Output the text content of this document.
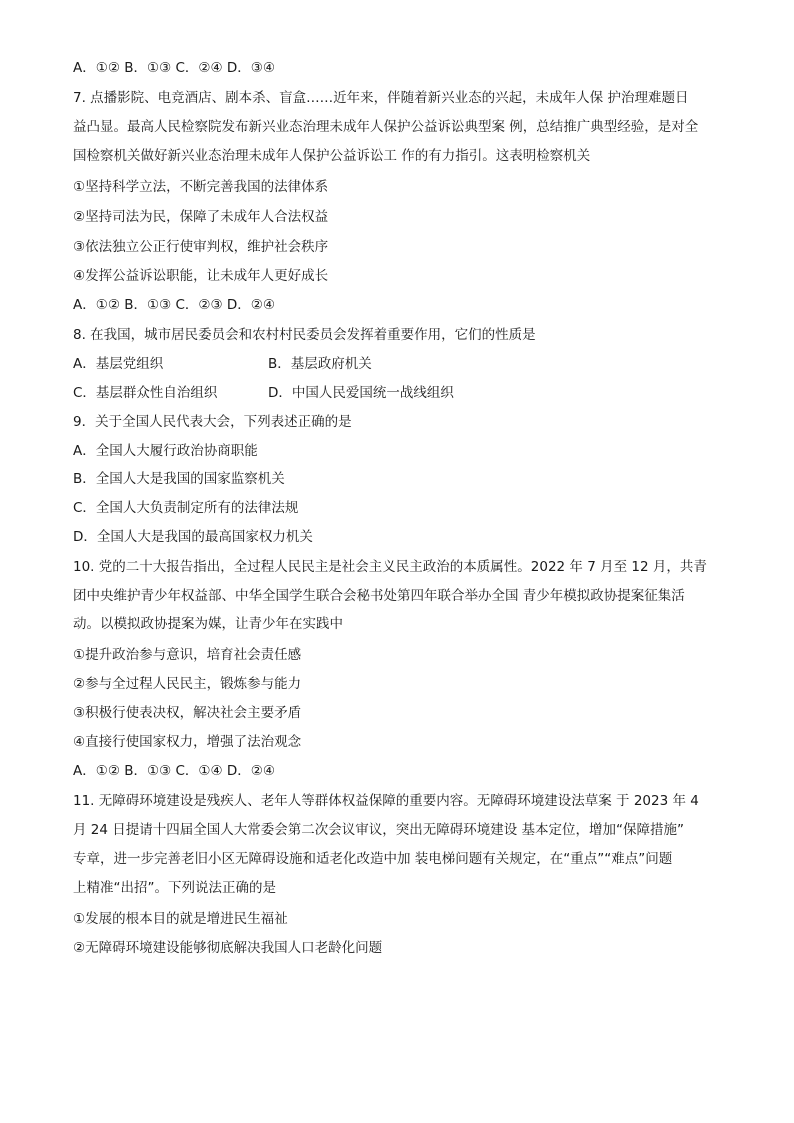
A．①② B．①③ C．②④ D．③④
7. 点播影院、电竞酒店、剧本杀、盲盒……近年来，伴随着新兴业态的兴起，未成年人保 护治理难题日
益凸显。最高人民检察院发布新兴业态治理未成年人保护公益诉讼典型案 例，总结推广典型经验，是对全
国检察机关做好新兴业态治理未成年人保护公益诉讼工 作的有力指引。这表明检察机关
①坚持科学立法，不断完善我国的法律体系
②坚持司法为民，保障了未成年人合法权益
③依法独立公正行使审判权，维护社会秩序
④发挥公益诉讼职能，让未成年人更好成长
A．①② B．①③ C．②③ D．②④
8. 在我国，城市居民委员会和农村村民委员会发挥着重要作用，它们的性质是
A．基层党组织	B．基层政府机关
C．基层群众性自治组织	D．中国人民爱国统一战线组织
9．关于全国人民代表大会，下列表述正确的是
A．全国人大履行政治协商职能
B．全国人大是我国的国家监察机关
C．全国人大负责制定所有的法律法规
D．全国人大是我国的最高国家权力机关
10. 党的二十大报告指出，全过程人民民主是社会主义民主政治的本质属性。2022 年 7 月至 12 月，共青
团中央维护青少年权益部、中华全国学生联合会秘书处第四年联合举办全国 青少年模拟政协提案征集活
动。以模拟政协提案为媒，让青少年在实践中
①提升政治参与意识，培育社会责任感
②参与全过程人民民主，锻炼参与能力
③积极行使表决权，解决社会主要矛盾
④直接行使国家权力，增强了法治观念
A．①② B．①③ C．①④ D．②④
11. 无障碍环境建设是残疾人、老年人等群体权益保障的重要内容。无障碍环境建设法草案 于 2023 年 4
月 24 日提请十四届全国人大常委会第二次会议审议，突出无障碍环境建设 基本定位，增加“保障措施”
专章，进一步完善老旧小区无障碍设施和适老化改造中加 装电梯问题有关规定，在“重点”“难点”问题
上精准“出招”。下列说法正确的是
①发展的根本目的就是增进民生福祉
②无障碍环境建设能够彻底解决我国人口老龄化问题
